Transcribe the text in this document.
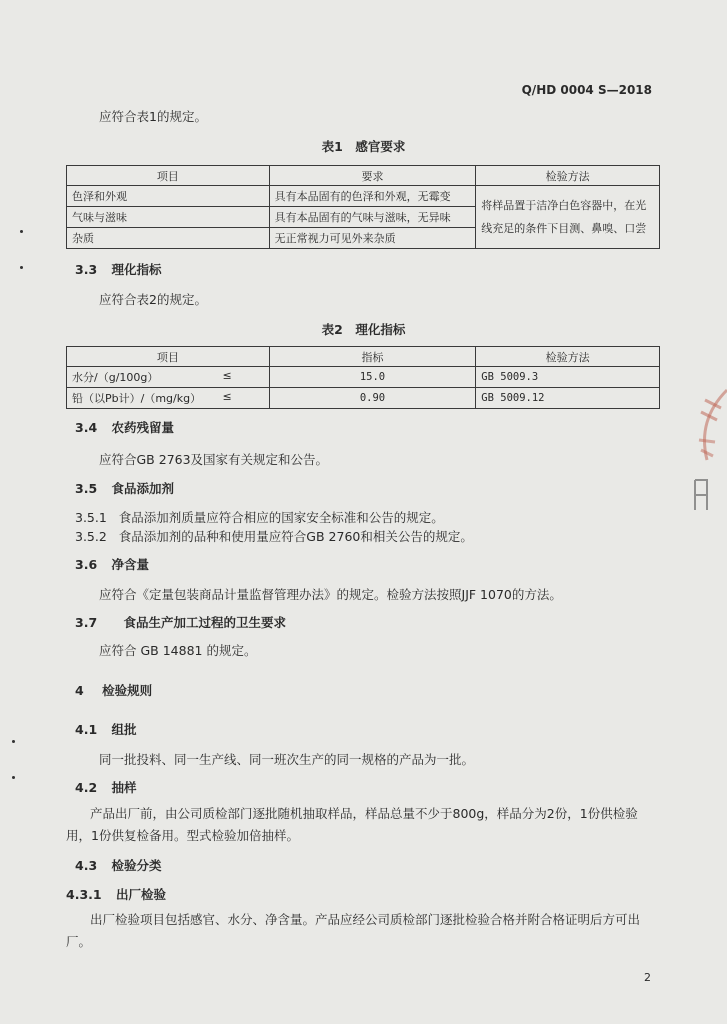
Q/HD 0004 S—2018
应符合表1的规定。
表1　感官要求
项目	要求	检验方法
色泽和外观	具有本品固有的色泽和外观，无霉变	将样品置于洁净白色容器中，在光线充足的条件下目测、鼻嗅、口尝
气味与滋味	具有本品固有的气味与滋味，无异味	
杂质	无正常视力可见外来杂质	
3.3 理化指标
应符合表2的规定。
表2　理化指标
项目	指标	检验方法
水分/（g/100g） ≤	15.0	GB 5009.3
铅（以Pb计）/（mg/kg） ≤	0.90	GB 5009.12
3.4 农药残留量
应符合GB 2763及国家有关规定和公告。
3.5 食品添加剂
3.5.1 食品添加剂质量应符合相应的国家安全标准和公告的规定。
3.5.2 食品添加剂的品种和使用量应符合GB 2760和相关公告的规定。
3.6 净含量
应符合《定量包装商品计量监督管理办法》的规定。检验方法按照JJF 1070的方法。
3.7 食品生产加工过程的卫生要求
应符合 GB 14881 的规定。
4 检验规则
4.1 组批
同一批投料、同一生产线、同一班次生产的同一规格的产品为一批。
4.2 抽样
产品出厂前，由公司质检部门逐批随机抽取样品，样品总量不少于800g，样品分为2份，1份供检验用，1份供复检备用。型式检验加倍抽样。
4.3 检验分类
4.3.1 出厂检验
出厂检验项目包括感官、水分、净含量。产品应经公司质检部门逐批检验合格并附合格证明后方可出厂。
2
